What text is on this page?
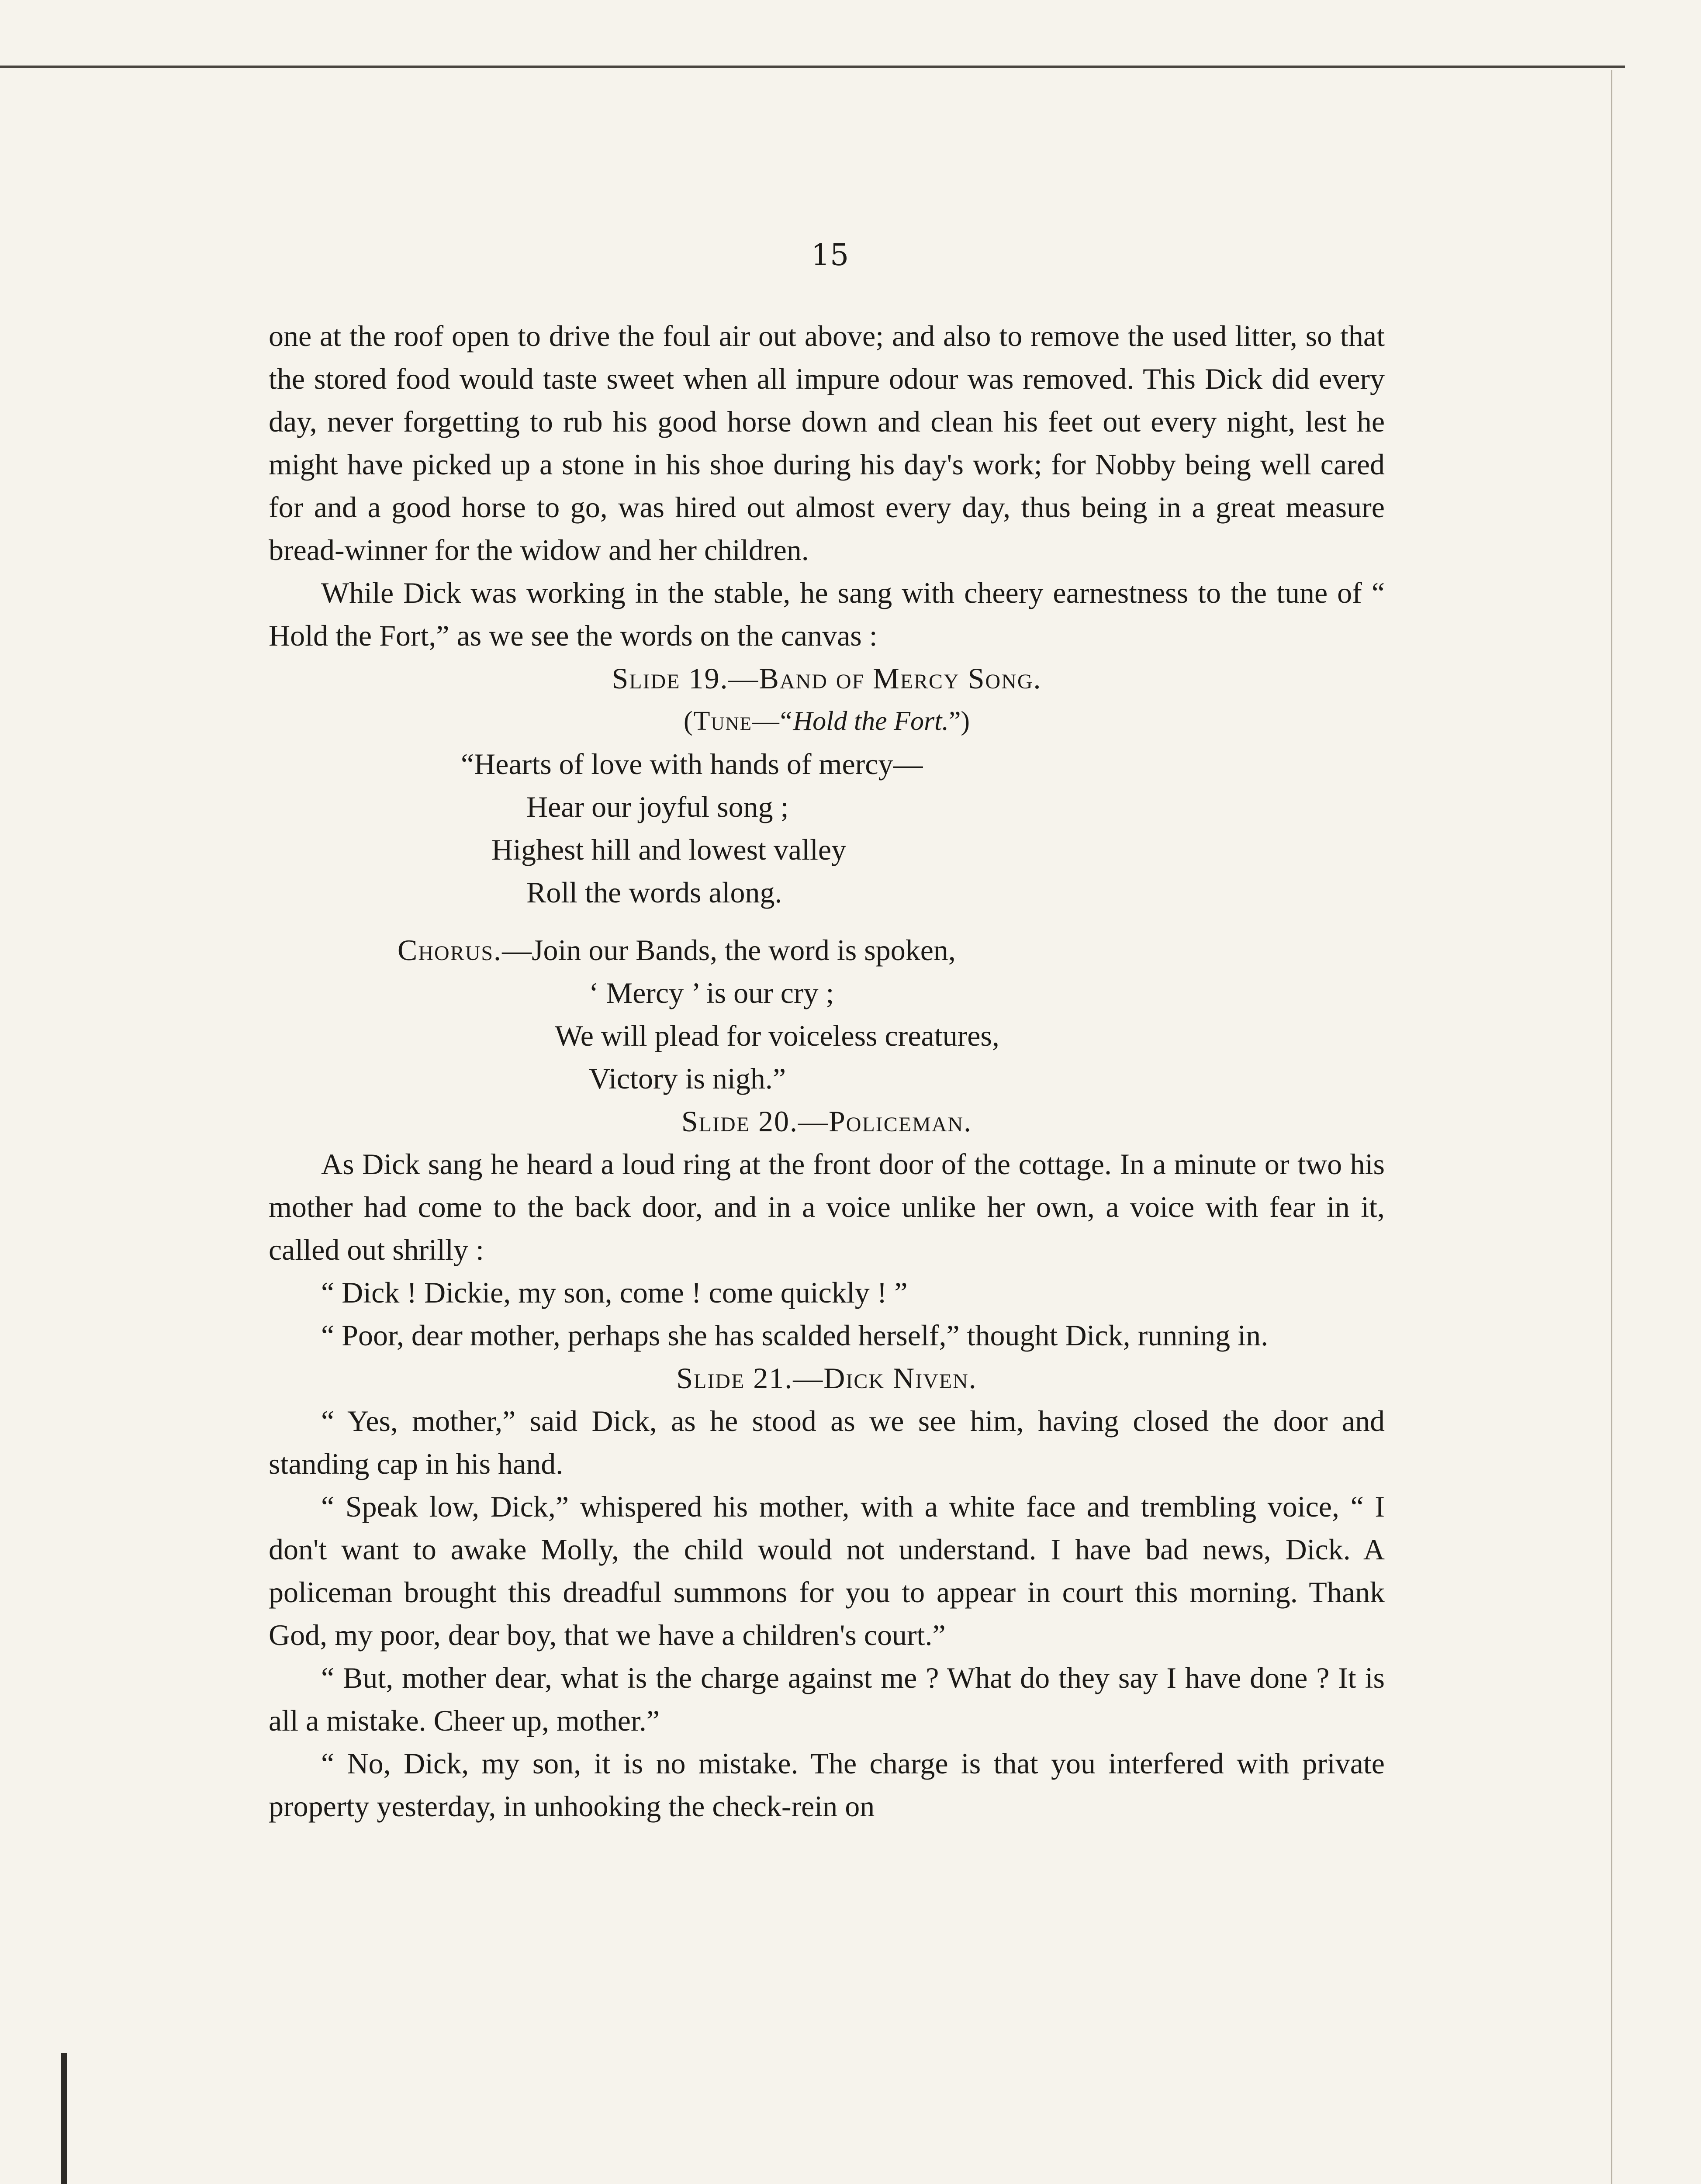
15

one at the roof open to drive the foul air out above; and also to remove the used litter, so that the stored food would taste sweet when all impure odour was removed. This Dick did every day, never forgetting to rub his good horse down and clean his feet out every night, lest he might have picked up a stone in his shoe during his day's work; for Nobby being well cared for and a good horse to go, was hired out almost every day, thus being in a great measure bread-winner for the widow and her children.

While Dick was working in the stable, he sang with cheery earnestness to the tune of “ Hold the Fort,” as we see the words on the canvas :

Slide 19.—Band of Mercy Song.

(Tune—“Hold the Fort.”)

“Hearts of love with hands of mercy—
Hear our joyful song ;
Highest hill and lowest valley
Roll the words along.
Chorus.—Join our Bands, the word is spoken,
‘ Mercy ’ is our cry ;
We will plead for voiceless creatures,
Victory is nigh.”

Slide 20.—Policeman.

As Dick sang he heard a loud ring at the front door of the cottage. In a minute or two his mother had come to the back door, and in a voice unlike her own, a voice with fear in it, called out shrilly :

“ Dick ! Dickie, my son, come ! come quickly ! ”

“ Poor, dear mother, perhaps she has scalded herself,” thought Dick, running in.

Slide 21.—Dick Niven.

“ Yes, mother,” said Dick, as he stood as we see him, having closed the door and standing cap in his hand.

“ Speak low, Dick,” whispered his mother, with a white face and trembling voice, “ I don't want to awake Molly, the child would not understand. I have bad news, Dick. A policeman brought this dreadful summons for you to appear in court this morning. Thank God, my poor, dear boy, that we have a children's court.”

“ But, mother dear, what is the charge against me ? What do they say I have done ? It is all a mistake. Cheer up, mother.”

“ No, Dick, my son, it is no mistake. The charge is that you interfered with private property yesterday, in unhooking the check-rein on
